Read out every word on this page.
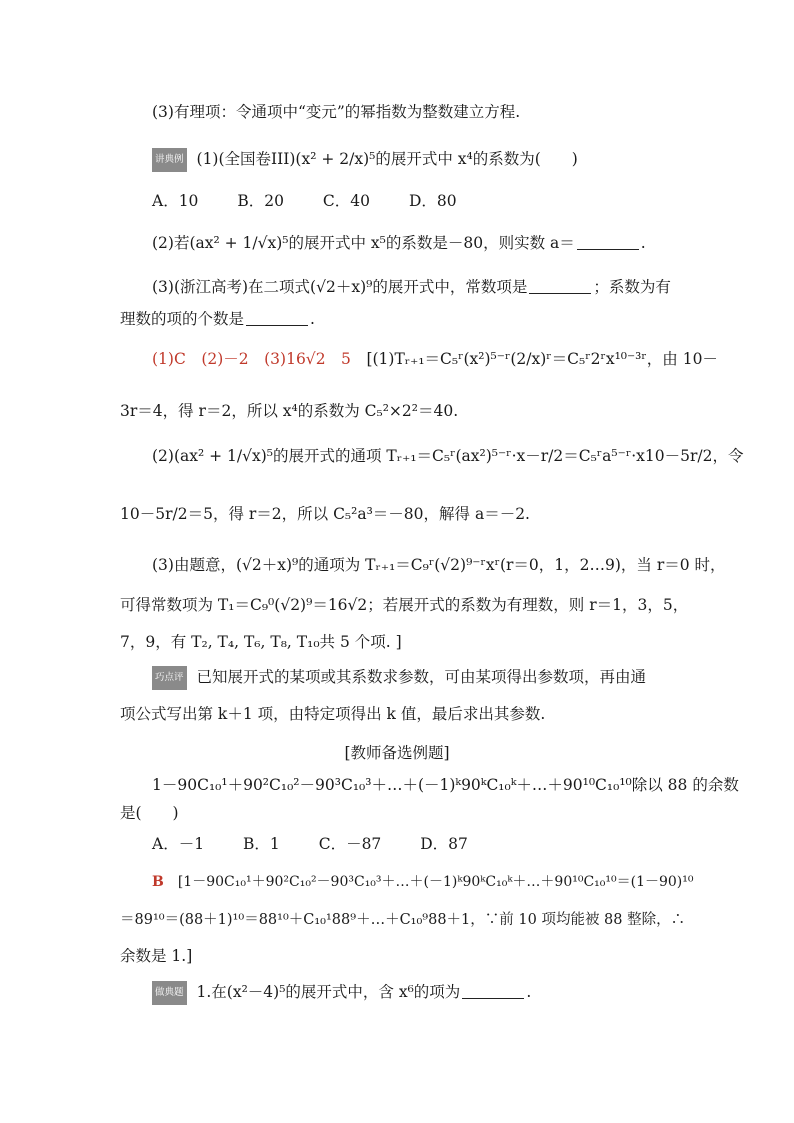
(3)有理项：令通项中“变元”的幂指数为整数建立方程.
讲典例 (1)(全国卷III)(x² + 2/x)⁵的展开式中 x⁴的系数为(　　)
A．10	B．20	C．40	D．80
(2)若(ax² + 1/√x)⁵的展开式中 x⁵的系数是－80，则实数 a＝	.
(3)(浙江高考)在二项式(√2＋x)⁹的展开式中，常数项是	；系数为有
理数的项的个数是	.
(1)C　(2)－2　(3)16√2　5　 [(1)Tᵣ₊₁＝C₅ʳ(x²)⁵⁻ʳ(2/x)ʳ＝C₅ʳ2ʳx¹⁰⁻³ʳ，由 10－
3r＝4，得 r＝2，所以 x⁴的系数为 C₅²×2²＝40.
(2)(ax² + 1/√x)⁵的展开式的通项 Tᵣ₊₁＝C₅ʳ(ax²)⁵⁻ʳ·x－r/2＝C₅ʳa⁵⁻ʳ·x10－5r/2，令
10－5r/2＝5，得 r＝2，所以 C₅²a³＝－80，解得 a＝－2.
(3)由题意，(√2＋x)⁹的通项为 Tᵣ₊₁＝C₉ʳ(√2)⁹⁻ʳxʳ(r＝0，1，2…9)，当 r＝0 时，
可得常数项为 T₁＝C₉⁰(√2)⁹＝16√2；若展开式的系数为有理数，则 r＝1，3，5，
7，9，有 T₂, T₄, T₆, T₈, T₁₀共 5 个项. ]
巧点评 已知展开式的某项或其系数求参数，可由某项得出参数项，再由通
项公式写出第 k＋1 项，由特定项得出 k 值，最后求出其参数.
[教师备选例题]
1－90C₁₀¹＋90²C₁₀²－90³C₁₀³＋…＋(－1)ᵏ90ᵏC₁₀ᵏ＋…＋90¹⁰C₁₀¹⁰除以 88 的余数
是(　　)
A．－1	B．1	C．－87	D．87
B　 [1－90C₁₀¹＋90²C₁₀²－90³C₁₀³＋…＋(－1)ᵏ90ᵏC₁₀ᵏ＋…＋90¹⁰C₁₀¹⁰＝(1－90)¹⁰
＝89¹⁰＝(88＋1)¹⁰＝88¹⁰＋C₁₀¹88⁹＋…＋C₁₀⁹88＋1，∵前 10 项均能被 88 整除，∴
余数是 1.]
做典题 1.在(x²－4)⁵的展开式中，含 x⁶的项为	.
